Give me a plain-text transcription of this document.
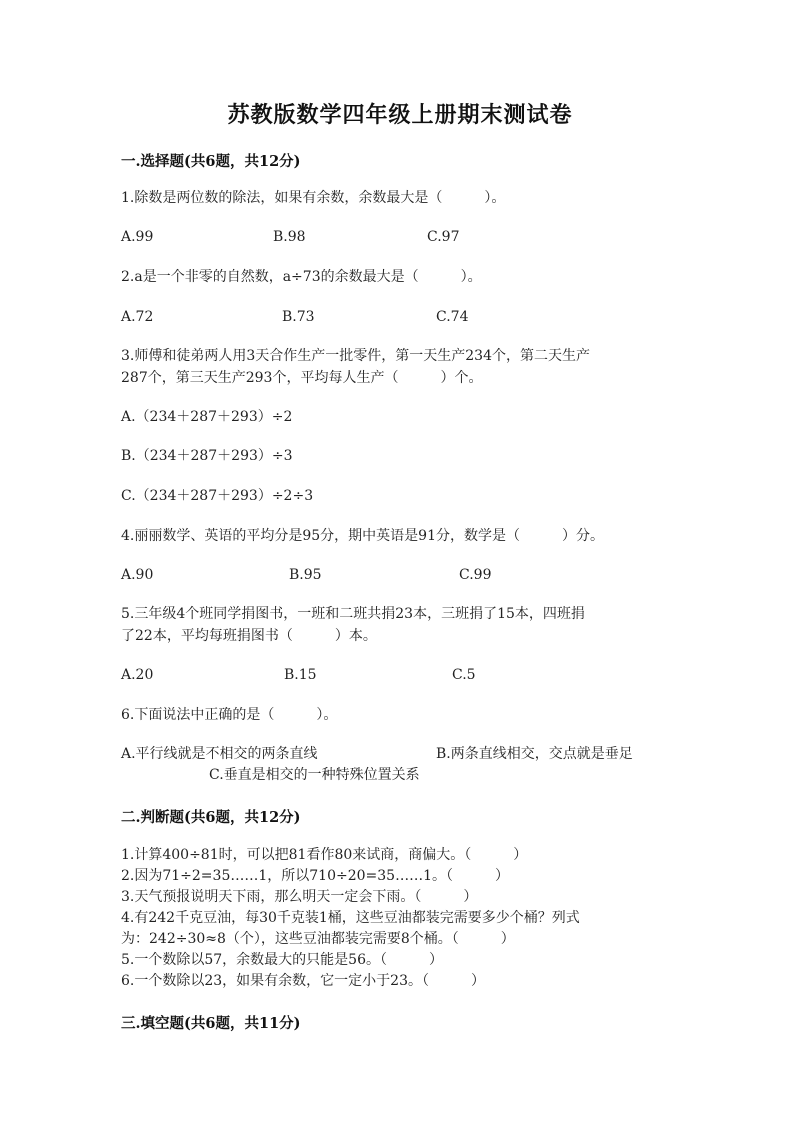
苏教版数学四年级上册期末测试卷
一.选择题(共6题，共12分)
1.除数是两位数的除法，如果有余数，余数最大是（　　　）。
A.99	B.98	C.97
2.a是一个非零的自然数，a÷73的余数最大是（　　　）。
A.72	B.73	C.74
3.师傅和徒弟两人用3天合作生产一批零件，第一天生产234个，第二天生产
287个，第三天生产293个，平均每人生产（　　　）个。
A.（234＋287＋293）÷2
B.（234＋287＋293）÷3
C.（234＋287＋293）÷2÷3
4.丽丽数学、英语的平均分是95分，期中英语是91分，数学是（　　　）分。
A.90	B.95	C.99
5.三年级4个班同学捐图书，一班和二班共捐23本，三班捐了15本，四班捐
了22本，平均每班捐图书（　　　）本。
A.20	B.15	C.5
6.下面说法中正确的是（　　　）。
A.平行线就是不相交的两条直线	B.两条直线相交，交点就是垂足
C.垂直是相交的一种特殊位置关系
二.判断题(共6题，共12分)
1.计算400÷81时，可以把81看作80来试商，商偏大。（　　　）
2.因为71÷2=35……1，所以710÷20=35……1。（　　　）
3.天气预报说明天下雨，那么明天一定会下雨。（　　　）
4.有242千克豆油，每30千克装1桶，这些豆油都装完需要多少个桶？列式
为：242÷30≈8（个），这些豆油都装完需要8个桶。（　　　）
5.一个数除以57，余数最大的只能是56。（　　　）
6.一个数除以23，如果有余数，它一定小于23。（　　　）
三.填空题(共6题，共11分)
